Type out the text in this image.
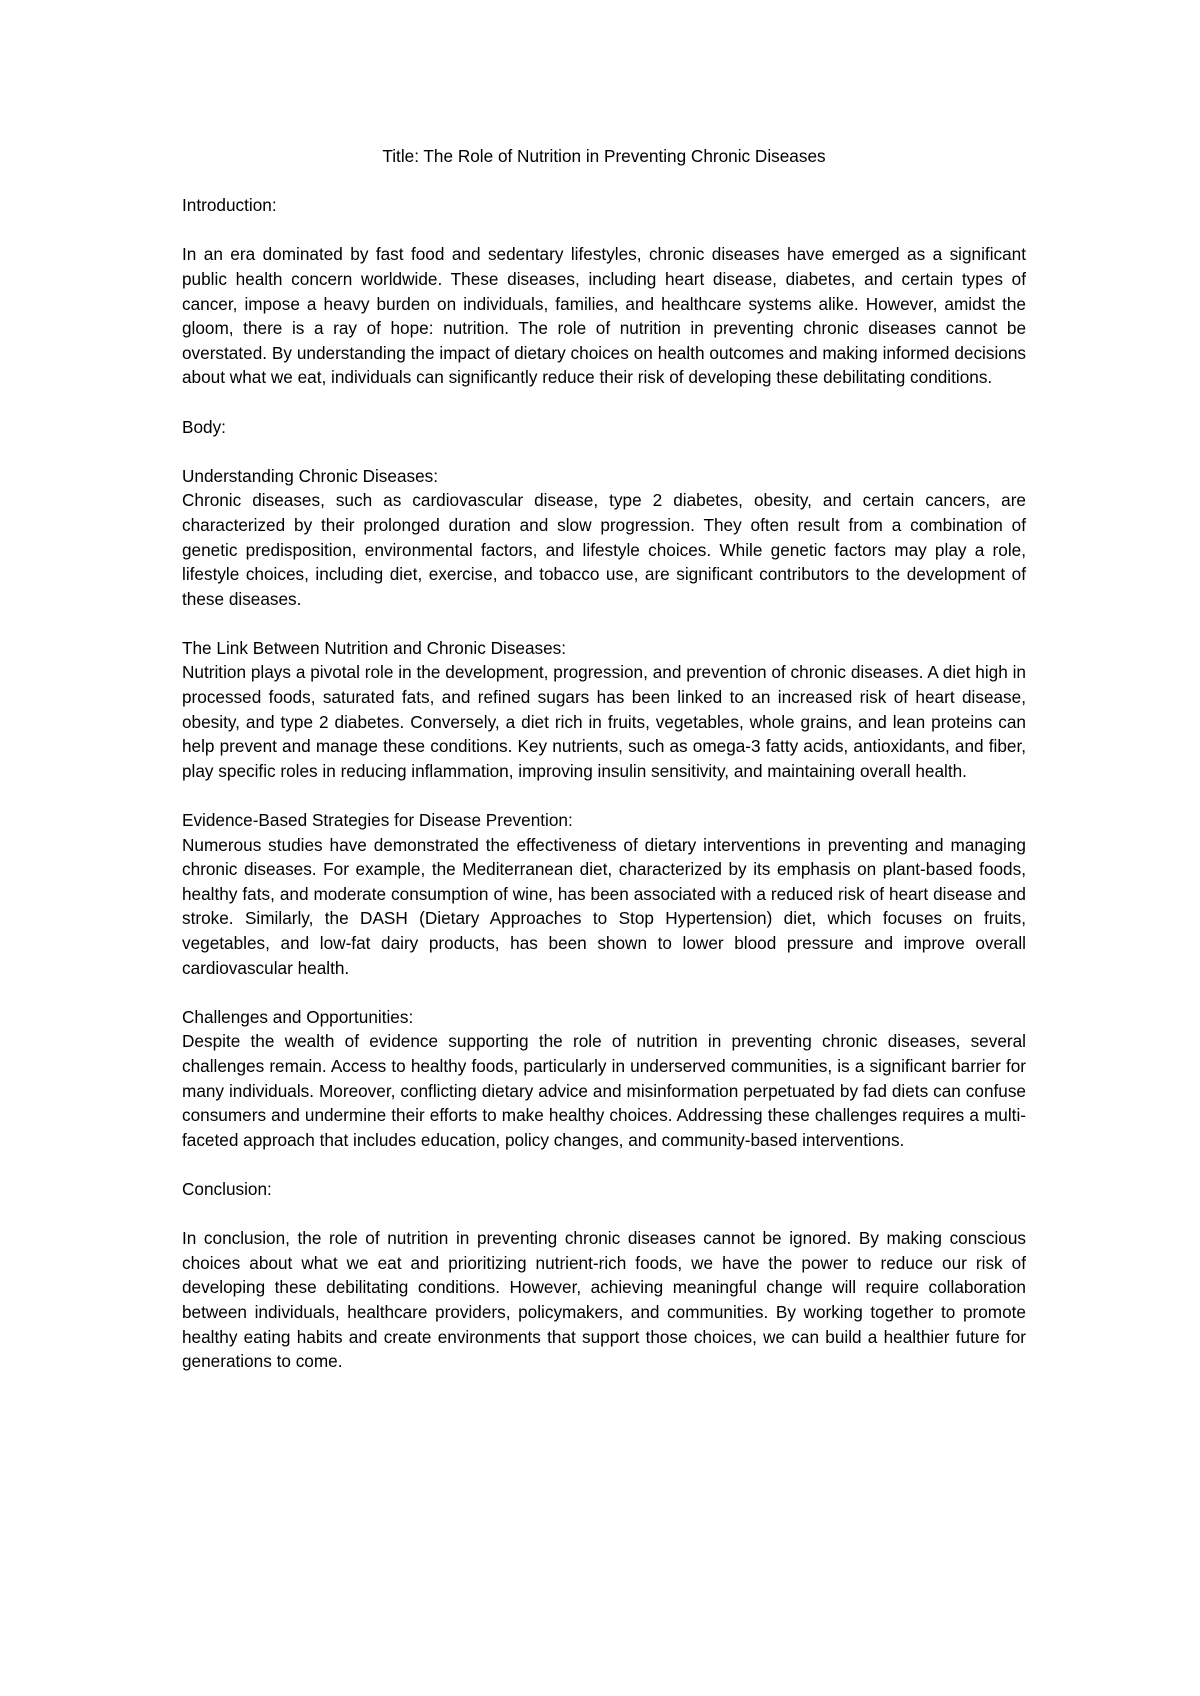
Title: The Role of Nutrition in Preventing Chronic Diseases

Introduction:

In an era dominated by fast food and sedentary lifestyles, chronic diseases have emerged as a significant public health concern worldwide. These diseases, including heart disease, diabetes, and certain types of cancer, impose a heavy burden on individuals, families, and healthcare systems alike. However, amidst the gloom, there is a ray of hope: nutrition. The role of nutrition in preventing chronic diseases cannot be overstated. By understanding the impact of dietary choices on health outcomes and making informed decisions about what we eat, individuals can significantly reduce their risk of developing these debilitating conditions.

Body:

Understanding Chronic Diseases:

Chronic diseases, such as cardiovascular disease, type 2 diabetes, obesity, and certain cancers, are characterized by their prolonged duration and slow progression. They often result from a combination of genetic predisposition, environmental factors, and lifestyle choices. While genetic factors may play a role, lifestyle choices, including diet, exercise, and tobacco use, are significant contributors to the development of these diseases.

The Link Between Nutrition and Chronic Diseases:

Nutrition plays a pivotal role in the development, progression, and prevention of chronic diseases. A diet high in processed foods, saturated fats, and refined sugars has been linked to an increased risk of heart disease, obesity, and type 2 diabetes. Conversely, a diet rich in fruits, vegetables, whole grains, and lean proteins can help prevent and manage these conditions. Key nutrients, such as omega-3 fatty acids, antioxidants, and fiber, play specific roles in reducing inflammation, improving insulin sensitivity, and maintaining overall health.

Evidence-Based Strategies for Disease Prevention:

Numerous studies have demonstrated the effectiveness of dietary interventions in preventing and managing chronic diseases. For example, the Mediterranean diet, characterized by its emphasis on plant-based foods, healthy fats, and moderate consumption of wine, has been associated with a reduced risk of heart disease and stroke. Similarly, the DASH (Dietary Approaches to Stop Hypertension) diet, which focuses on fruits, vegetables, and low-fat dairy products, has been shown to lower blood pressure and improve overall cardiovascular health.

Challenges and Opportunities:

Despite the wealth of evidence supporting the role of nutrition in preventing chronic diseases, several challenges remain. Access to healthy foods, particularly in underserved communities, is a significant barrier for many individuals. Moreover, conflicting dietary advice and misinformation perpetuated by fad diets can confuse consumers and undermine their efforts to make healthy choices. Addressing these challenges requires a multi-faceted approach that includes education, policy changes, and community-based interventions.

Conclusion:

In conclusion, the role of nutrition in preventing chronic diseases cannot be ignored. By making conscious choices about what we eat and prioritizing nutrient-rich foods, we have the power to reduce our risk of developing these debilitating conditions. However, achieving meaningful change will require collaboration between individuals, healthcare providers, policymakers, and communities. By working together to promote healthy eating habits and create environments that support those choices, we can build a healthier future for generations to come.
